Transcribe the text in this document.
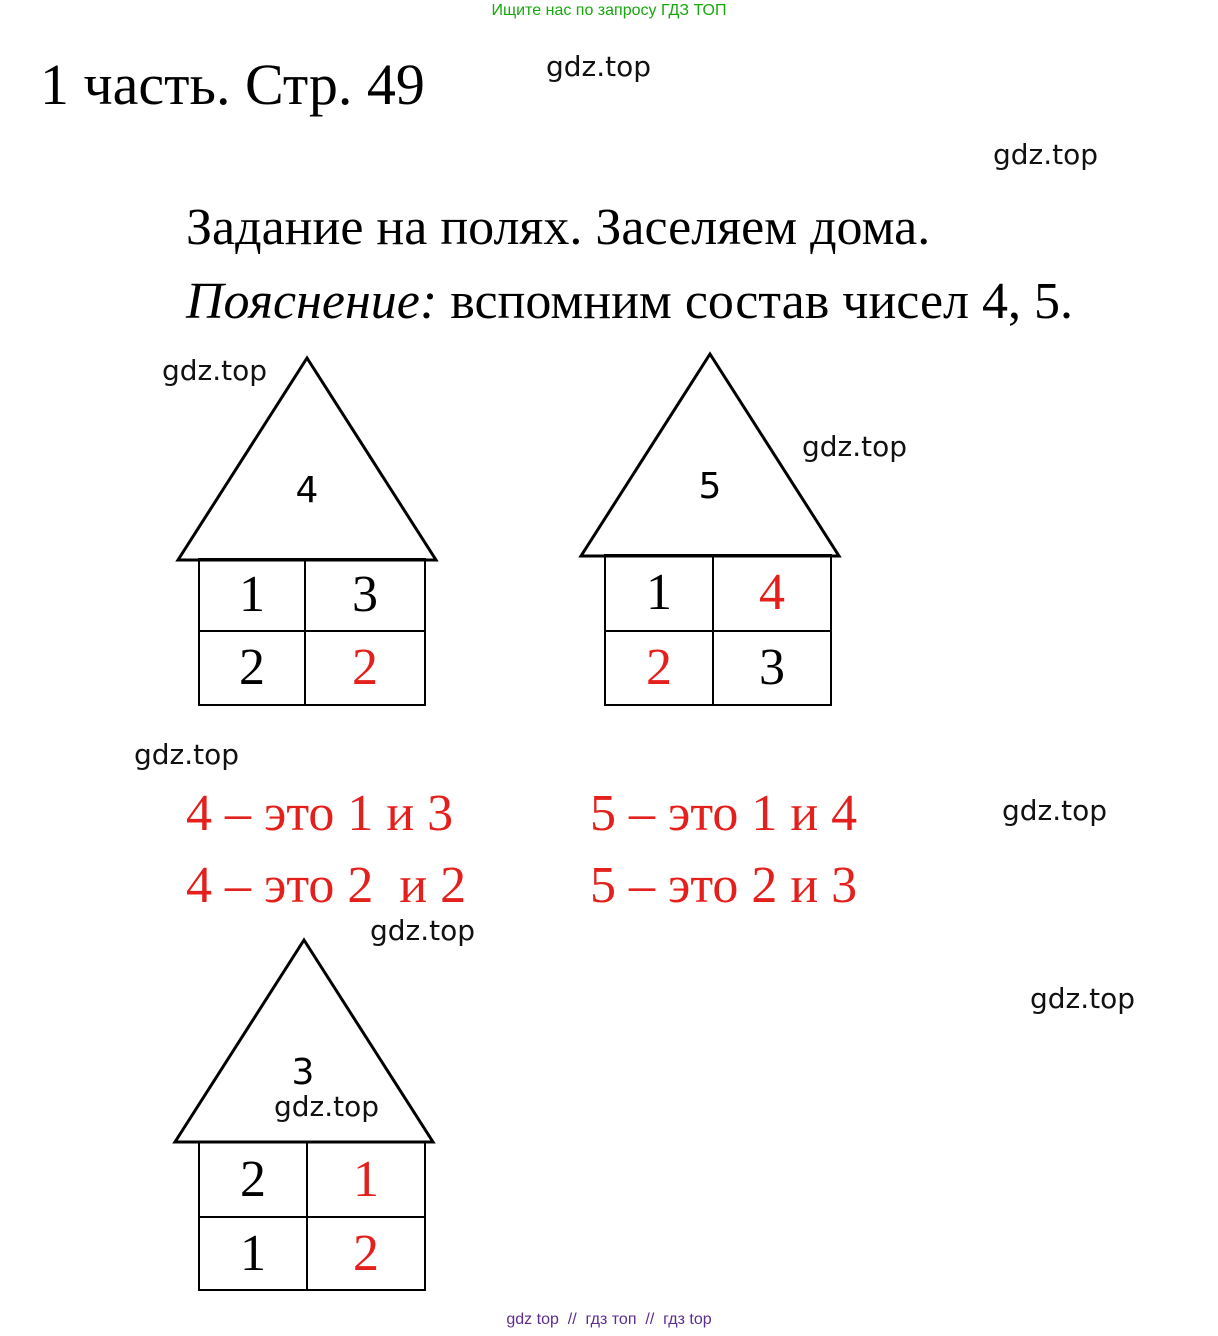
Ищите нас по запросу ГДЗ ТОП
1 часть. Стр. 49
Задание на полях. Заселяем дома.
Пояснение: вспомним состав чисел 4, 5.
gdz.top
gdz.top
gdz.top
gdz.top
gdz.top
gdz.top
gdz.top
gdz.top
4
1	3
2	2
5
1	4
2	3
4 – это 1 и 3	5 – это 1 и 4
4 – это 2  и 2 5 – это 2 и 3
3
gdz.top
2	1
1	2
gdz top  //  гдз топ  //  гдз top
